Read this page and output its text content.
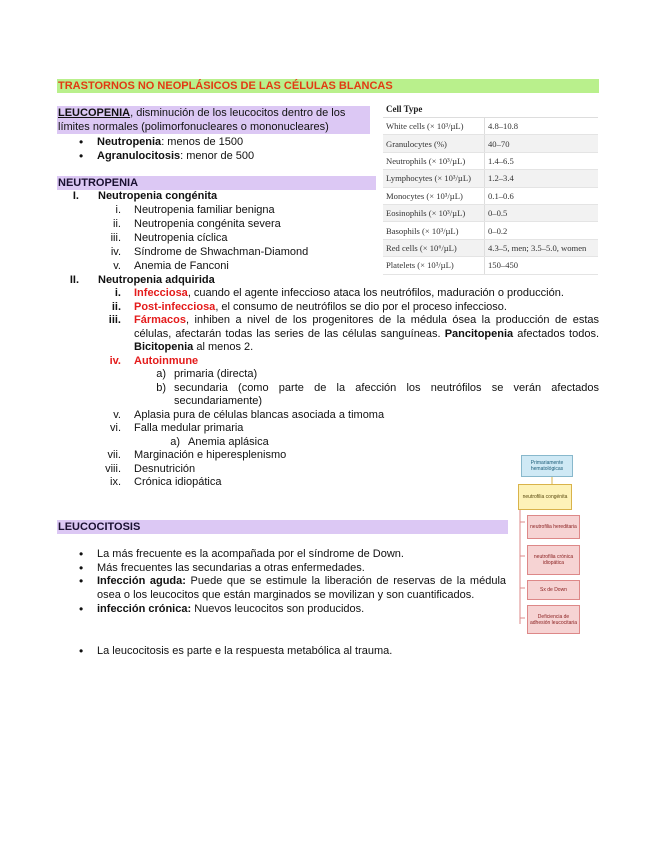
TRASTORNOS NO NEOPLÁSICOS DE LAS CÉLULAS BLANCAS
LEUCOPENIA, disminución de los leucocitos dentro de los límites normales (polimorfonucleares o mononucleares)
• Neutropenia: menos de 1500
• Agranulocitosis: menor de 500
NEUTROPENIA
I. Neutropenia congénita
i. Neutropenia familiar benigna
ii. Neutropenia congénita severa
iii. Neutropenia cíclica
iv. Síndrome de Shwachman-Diamond
v. Anemia de Fanconi
II. Neutropenia adquirida
i. Infecciosa, cuando el agente infeccioso ataca los neutrófilos, maduración o producción.
ii. Post-infecciosa, el consumo de neutrófilos se dio por el proceso infeccioso.
iii. Fármacos, inhiben a nivel de los progenitores de la médula ósea la producción de estas células, afectarán todas las series de las células sanguíneas. Pancitopenia afectados todos. Bicitopenia al menos 2.
iv. Autoinmune
a) primaria (directa)
b) secundaria (como parte de la afección los neutrófilos se verán afectados secundariamente)
v. Aplasia pura de células blancas asociada a timoma
vi. Falla medular primaria
a) Anemia aplásica
vii. Marginación e hiperesplenismo
viii. Desnutrición
ix. Crónica idiopática
LEUCOCITOSIS
• La más frecuente es la acompañada por el síndrome de Down.
• Más frecuentes las secundarias a otras enfermedades.
• Infección aguda: Puede que se estimule la liberación de reservas de la médula osea o los leucocitos que están marginados se movilizan y son cuantificados.
• infección crónica: Nuevos leucocitos son producidos.
• La leucocitosis es parte e la respuesta metabólica al trauma.
Cell Type	
White cells (× 10³/µL)	4.8–10.8
Granulocytes (%)	40–70
Neutrophils (× 10³/µL)	1.4–6.5
Lymphocytes (× 10³/µL)	1.2–3.4
Monocytes (× 10³/µL)	0.1–0.6
Eosinophils (× 10³/µL)	0–0.5
Basophils (× 10³/µL)	0–0.2
Red cells (× 10⁶/µL)	4.3–5, men; 3.5–5.0, women
Platelets (× 10³/µL)	150–450
Primariamente hematológicas
neutrofilia congénita
neutrofilia hereditaria
neutrofilia crónica idiopática
Sx de Down
Deficiencia de adhesión leucocitaria
